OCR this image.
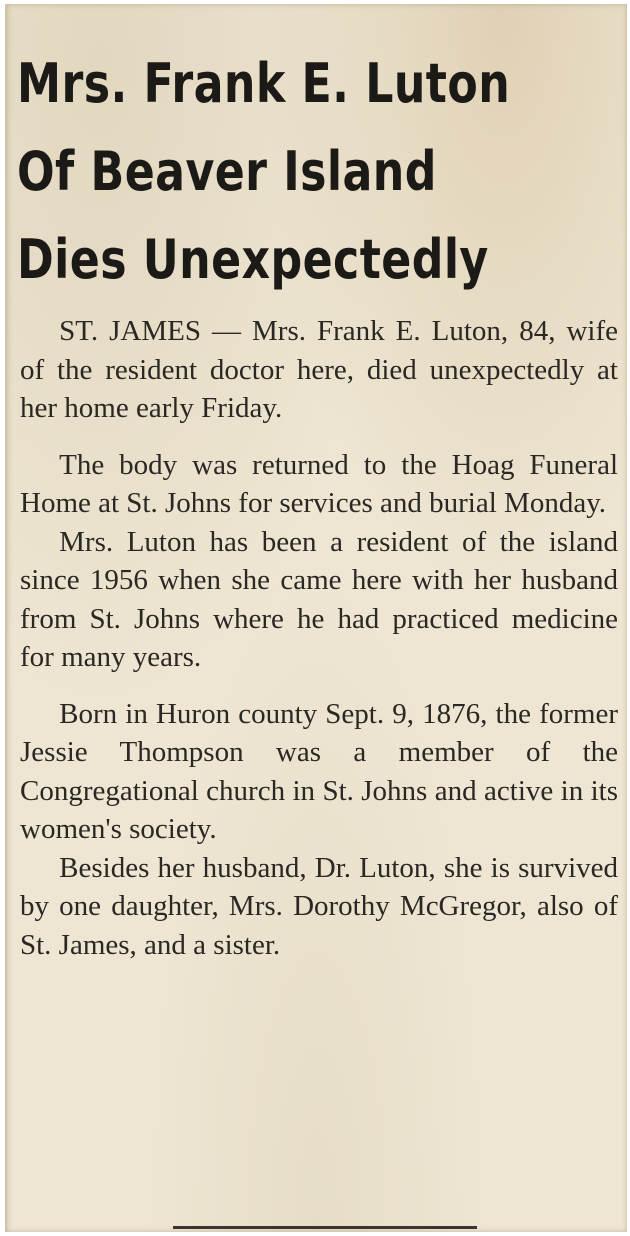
Mrs. Frank E. Luton
Of Beaver Island
Dies Unexpectedly

ST. JAMES — Mrs. Frank E. Luton, 84, wife of the resident doctor here, died unexpectedly at her home early Friday.

The body was returned to the Hoag Funeral Home at St. Johns for services and burial Monday.

Mrs. Luton has been a resident of the island since 1956 when she came here with her husband from St. Johns where he had practiced medicine for many years.

Born in Huron county Sept. 9, 1876, the former Jessie Thompson was a member of the Congregational church in St. Johns and active in its women's society.

Besides her husband, Dr. Luton, she is survived by one daughter, Mrs. Dorothy McGregor, also of St. James, and a sister.
